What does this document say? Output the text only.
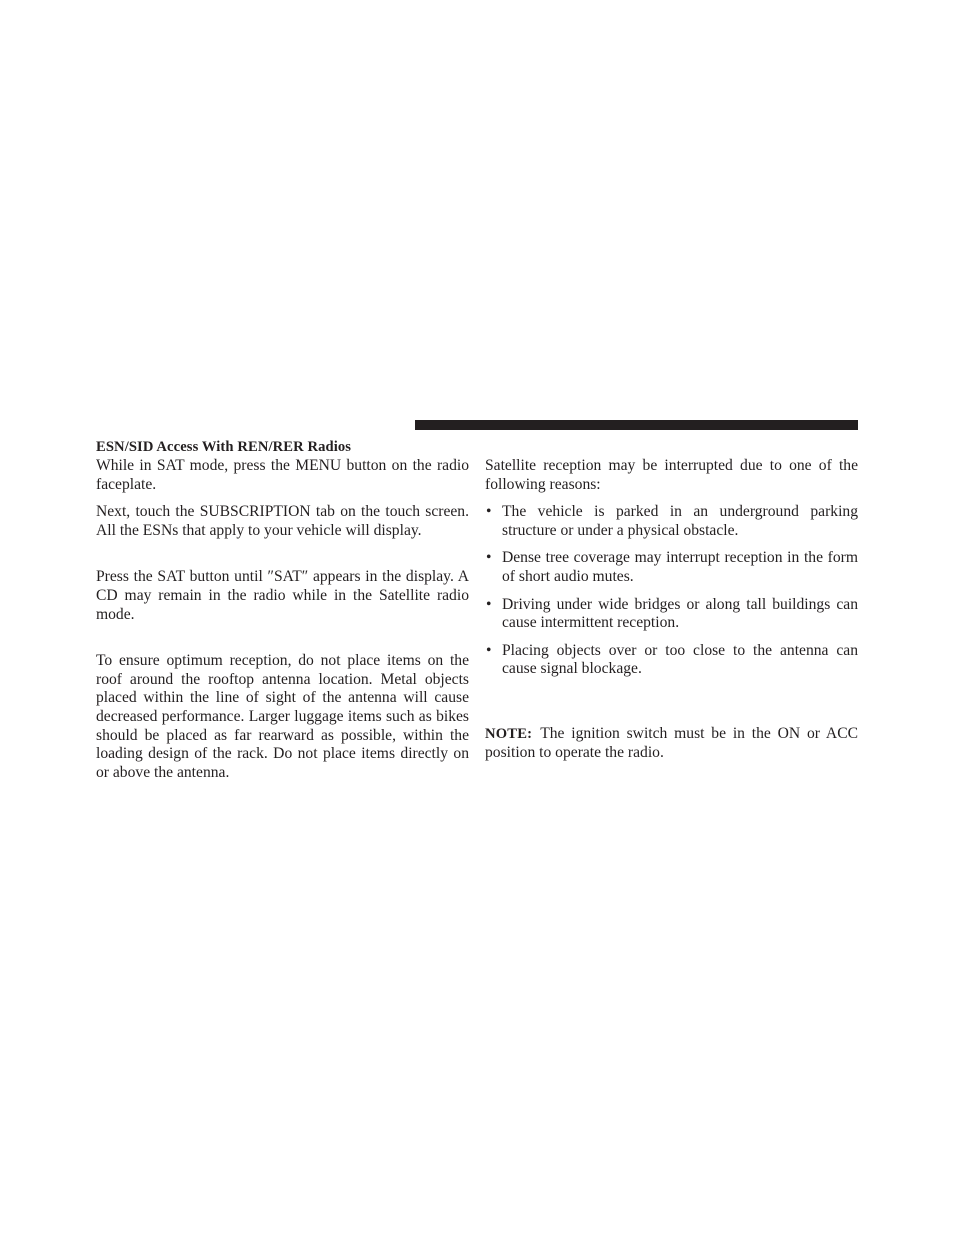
ESN/SID Access With REN/RER Radios

While in SAT mode, press the MENU button on the radio faceplate.

Next, touch the SUBSCRIPTION tab on the touch screen. All the ESNs that apply to your vehicle will display.

Press the SAT button until ″SAT″ appears in the display. A CD may remain in the radio while in the Satellite radio mode.

To ensure optimum reception, do not place items on the roof around the rooftop antenna location. Metal objects placed within the line of sight of the antenna will cause decreased performance. Larger luggage items such as bikes should be placed as far rearward as possible, within the loading design of the rack. Do not place items directly on or above the antenna.

Satellite reception may be interrupted due to one of the following reasons:

• The vehicle is parked in an underground parking structure or under a physical obstacle.
• Dense tree coverage may interrupt reception in the form of short audio mutes.
• Driving under wide bridges or along tall buildings can cause intermittent reception.
• Placing objects over or too close to the antenna can cause signal blockage.

NOTE: The ignition switch must be in the ON or ACC position to operate the radio.
